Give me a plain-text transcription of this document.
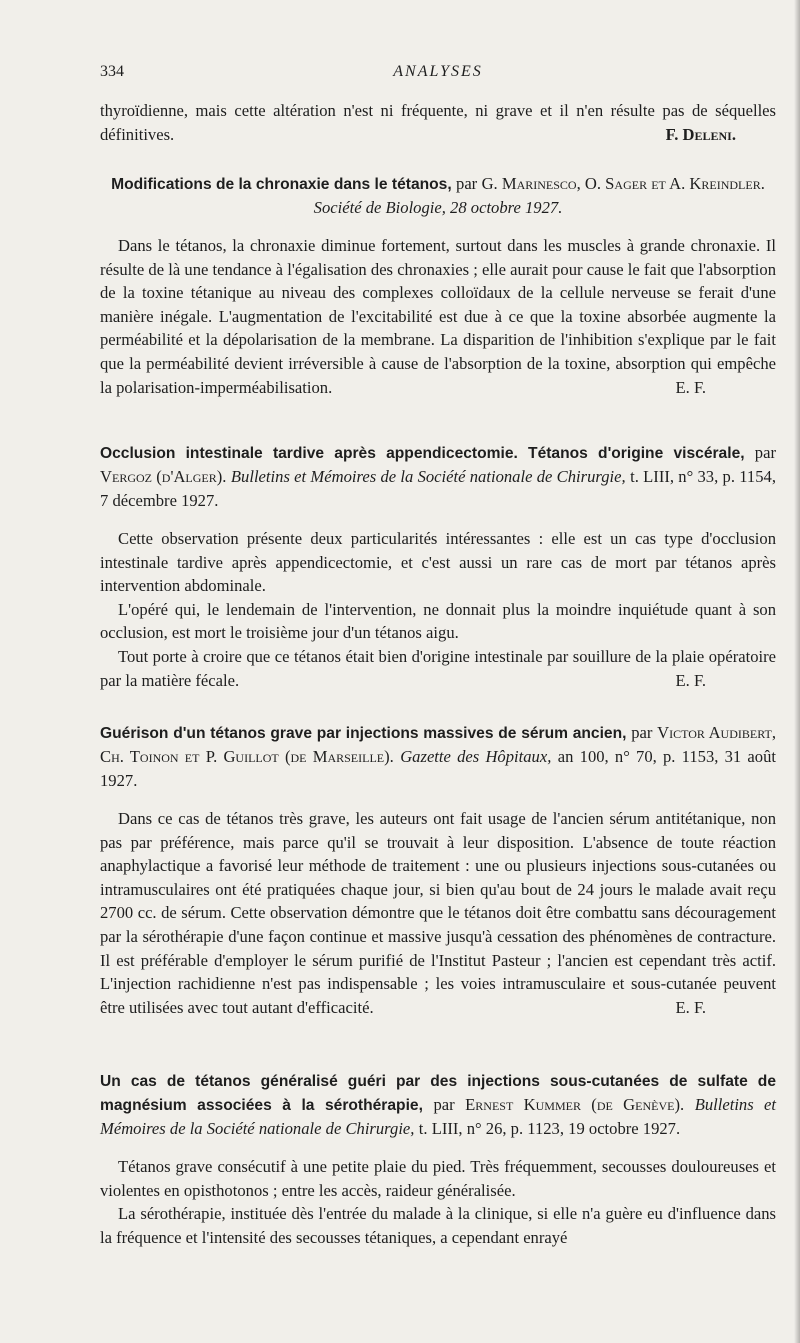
334	ANALYSES

thyroïdienne, mais cette altération n'est ni fréquente, ni grave et il n'en résulte pas de séquelles définitives.	F. Deleni.

Modifications de la chronaxie dans le tétanos, par G. Marinesco, O. Sager et A. Kreindler. Société de Biologie, 28 octobre 1927.

Dans le tétanos, la chronaxie diminue fortement, surtout dans les muscles à grande chronaxie. Il résulte de là une tendance à l'égalisation des chronaxies ; elle aurait pour cause le fait que l'absorption de la toxine tétanique au niveau des complexes colloïdaux de la cellule nerveuse se ferait d'une manière inégale. L'augmentation de l'excitabilité est due à ce que la toxine absorbée augmente la perméabilité et la dépolarisation de la membrane. La disparition de l'inhibition s'explique par le fait que la perméabilité devient irréversible à cause de l'absorption de la toxine, absorption qui empêche la polarisation-imperméabilisation.	E. F.

Occlusion intestinale tardive après appendicectomie. Tétanos d'origine viscérale, par Vergoz (d'Alger). Bulletins et Mémoires de la Société nationale de Chirurgie, t. LIII, n° 33, p. 1154, 7 décembre 1927.

Cette observation présente deux particularités intéressantes : elle est un cas type d'occlusion intestinale tardive après appendicectomie, et c'est aussi un rare cas de mort par tétanos après intervention abdominale.

L'opéré qui, le lendemain de l'intervention, ne donnait plus la moindre inquiétude quant à son occlusion, est mort le troisième jour d'un tétanos aigu.

Tout porte à croire que ce tétanos était bien d'origine intestinale par souillure de la plaie opératoire par la matière fécale.	E. F.

Guérison d'un tétanos grave par injections massives de sérum ancien, par Victor Audibert, Ch. Toinon et P. Guillot (de Marseille). Gazette des Hôpitaux, an 100, n° 70, p. 1153, 31 août 1927.

Dans ce cas de tétanos très grave, les auteurs ont fait usage de l'ancien sérum antitétanique, non pas par préférence, mais parce qu'il se trouvait à leur disposition. L'absence de toute réaction anaphylactique a favorisé leur méthode de traitement : une ou plusieurs injections sous-cutanées ou intramusculaires ont été pratiquées chaque jour, si bien qu'au bout de 24 jours le malade avait reçu 2700 cc. de sérum. Cette observation démontre que le tétanos doit être combattu sans découragement par la sérothérapie d'une façon continue et massive jusqu'à cessation des phénomènes de contracture. Il est préférable d'employer le sérum purifié de l'Institut Pasteur ; l'ancien est cependant très actif. L'injection rachidienne n'est pas indispensable ; les voies intramusculaire et sous-cutanée peuvent être utilisées avec tout autant d'efficacité.	E. F.

Un cas de tétanos généralisé guéri par des injections sous-cutanées de sulfate de magnésium associées à la sérothérapie, par Ernest Kummer (de Genève). Bulletins et Mémoires de la Société nationale de Chirurgie, t. LIII, n° 26, p. 1123, 19 octobre 1927.

Tétanos grave consécutif à une petite plaie du pied. Très fréquemment, secousses douloureuses et violentes en opisthotonos ; entre les accès, raideur généralisée.

La sérothérapie, instituée dès l'entrée du malade à la clinique, si elle n'a guère eu d'influence dans la fréquence et l'intensité des secousses tétaniques, a cependant enrayé
